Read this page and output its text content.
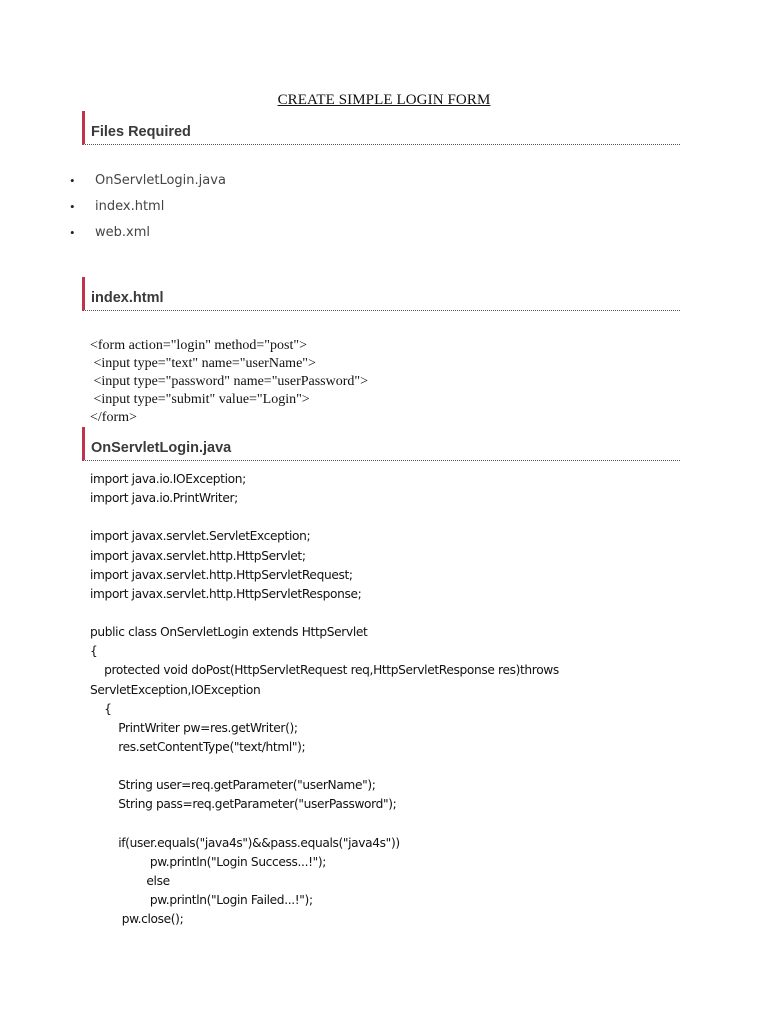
CREATE SIMPLE LOGIN FORM
Files Required
•	OnServletLogin.java
•	index.html
•	web.xml
index.html
<form action="login" method="post">
<input type="text" name="userName">
<input type="password" name="userPassword">
<input type="submit" value="Login">
</form>
OnServletLogin.java
import java.io.IOException;
import java.io.PrintWriter;
import javax.servlet.ServletException;
import javax.servlet.http.HttpServlet;
import javax.servlet.http.HttpServletRequest;
import javax.servlet.http.HttpServletResponse;
public class OnServletLogin extends HttpServlet
{
protected void doPost(HttpServletRequest req,HttpServletResponse res)throws
ServletException,IOException
{
PrintWriter pw=res.getWriter();
res.setContentType("text/html");
String user=req.getParameter("userName");
String pass=req.getParameter("userPassword");
if(user.equals("java4s")&&pass.equals("java4s"))
pw.println("Login Success...!");
else
pw.println("Login Failed...!");
pw.close();
